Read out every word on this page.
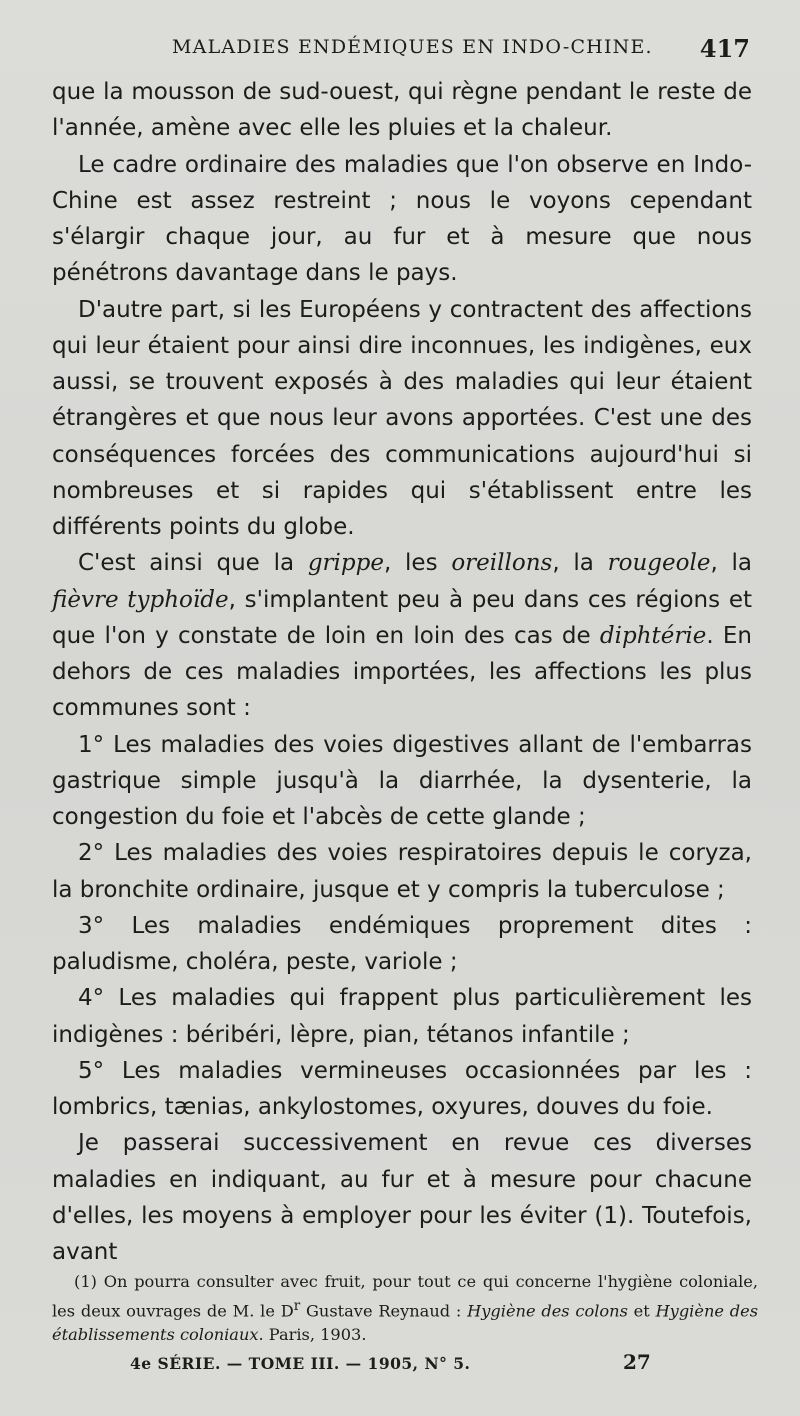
MALADIES ENDÉMIQUES EN INDO-CHINE. 417

que la mousson de sud-ouest, qui règne pendant le reste de l'année, amène avec elle les pluies et la chaleur.

Le cadre ordinaire des maladies que l'on observe en Indo-Chine est assez restreint ; nous le voyons cependant s'élargir chaque jour, au fur et à mesure que nous pénétrons davantage dans le pays.

D'autre part, si les Européens y contractent des affections qui leur étaient pour ainsi dire inconnues, les indigènes, eux aussi, se trouvent exposés à des maladies qui leur étaient étrangères et que nous leur avons apportées. C'est une des conséquences forcées des communications aujourd'hui si nombreuses et si rapides qui s'établissent entre les différents points du globe.

C'est ainsi que la grippe, les oreillons, la rougeole, la fièvre typhoïde, s'implantent peu à peu dans ces régions et que l'on y constate de loin en loin des cas de diphtérie. En dehors de ces maladies importées, les affections les plus communes sont :

1° Les maladies des voies digestives allant de l'embarras gastrique simple jusqu'à la diarrhée, la dysenterie, la congestion du foie et l'abcès de cette glande ;

2° Les maladies des voies respiratoires depuis le coryza, la bronchite ordinaire, jusque et y compris la tuberculose ;

3° Les maladies endémiques proprement dites : paludisme, choléra, peste, variole ;

4° Les maladies qui frappent plus particulièrement les indigènes : béribéri, lèpre, pian, tétanos infantile ;

5° Les maladies vermineuses occasionnées par les : lombrics, tænias, ankylostomes, oxyures, douves du foie.

Je passerai successivement en revue ces diverses maladies en indiquant, au fur et à mesure pour chacune d'elles, les moyens à employer pour les éviter (1). Toutefois, avant

(1) On pourra consulter avec fruit, pour tout ce qui concerne l'hygiène coloniale, les deux ouvrages de M. le $D^r$ Gustave Reynaud : Hygiène des colons et Hygiène des établissements coloniaux. Paris, 1903.

4e SÉRIE. — TOME III. — 1905, N° 5.	27
